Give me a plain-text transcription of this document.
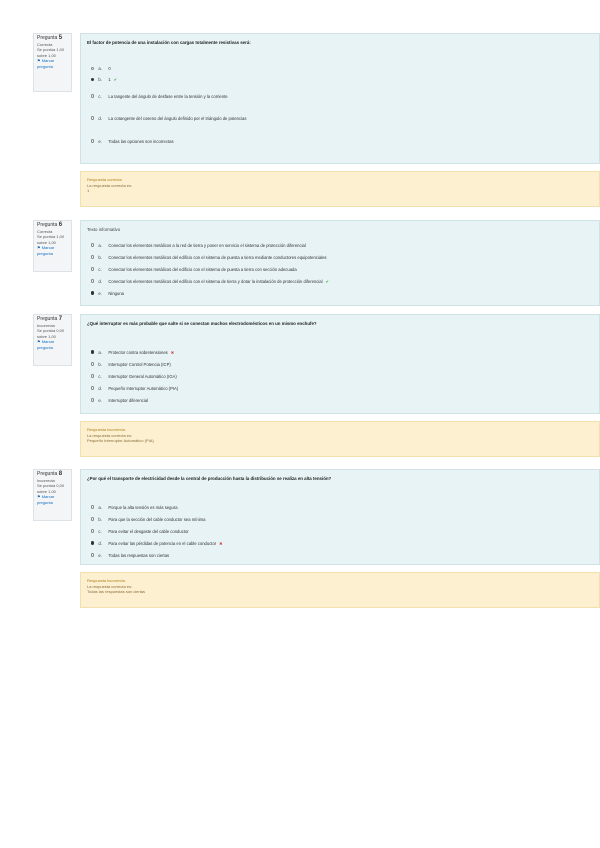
Pregunta 5
Correcta
Se puntúa 1,00 sobre 1,00
⚑ Marcar pregunta
El factor de potencia de una instalación con cargas totalmente resistivas será:
a.	0
b.	1 ✔
c.	La tangente del ángulo de desfase entre la tensión y la corriente
d.	La cotangente del coseno del ángulo definido por el triángulo de potencias
e.	Todas las opciones son incorrectas
Respuesta correcta
La respuesta correcta es:
1
Pregunta 6
Correcta
Se puntúa 1,00 sobre 1,00
⚑ Marcar pregunta
Texto informativo
a.	Conectar los elementos metálicos a la red de tierra y poner en servicio el sistema de protección diferencial
b.	Conectar los elementos metálicos del edificio con el sistema de puesta a tierra mediante conductores equipotenciales
c.	Conectar los elementos metálicos del edificio con el sistema de puesta a tierra con sección adecuada
d.	Conectar los elementos metálicos del edificio con el sistema de tierra y dotar la instalación de protección diferencial ✔
e.	Ninguna
Pregunta 7
Incorrecta
Se puntúa 0,00 sobre 1,00
⚑ Marcar pregunta
¿Qué interruptor es más probable que salte si se conectan muchos electrodomésticos en un mismo enchufe?
a.	Protector contra sobretensiones ✖
b.	Interruptor Control Potencia (ICP)
c.	Interruptor General Automático (IGA)
d.	Pequeño Interruptor Automático (PIA)
e.	Interruptor diferencial
Respuesta incorrecta.
La respuesta correcta es:
Pequeño Interruptor Automático (PIA)
Pregunta 8
Incorrecta
Se puntúa 0,00 sobre 1,00
⚑ Marcar pregunta
¿Por qué el transporte de electricidad desde la central de producción hasta la distribución se realiza en alta tensión?
a.	Porque la alta tensión es más segura
b.	Para que la sección del cable conductor sea mínima
c.	Para evitar el desgaste del cable conductor
d.	Para evitar las pérdidas de potencia en el cable conductor ✖
e.	Todas las respuestas son ciertas
Respuesta incorrecta.
La respuesta correcta es:
Todas las respuestas son ciertas
